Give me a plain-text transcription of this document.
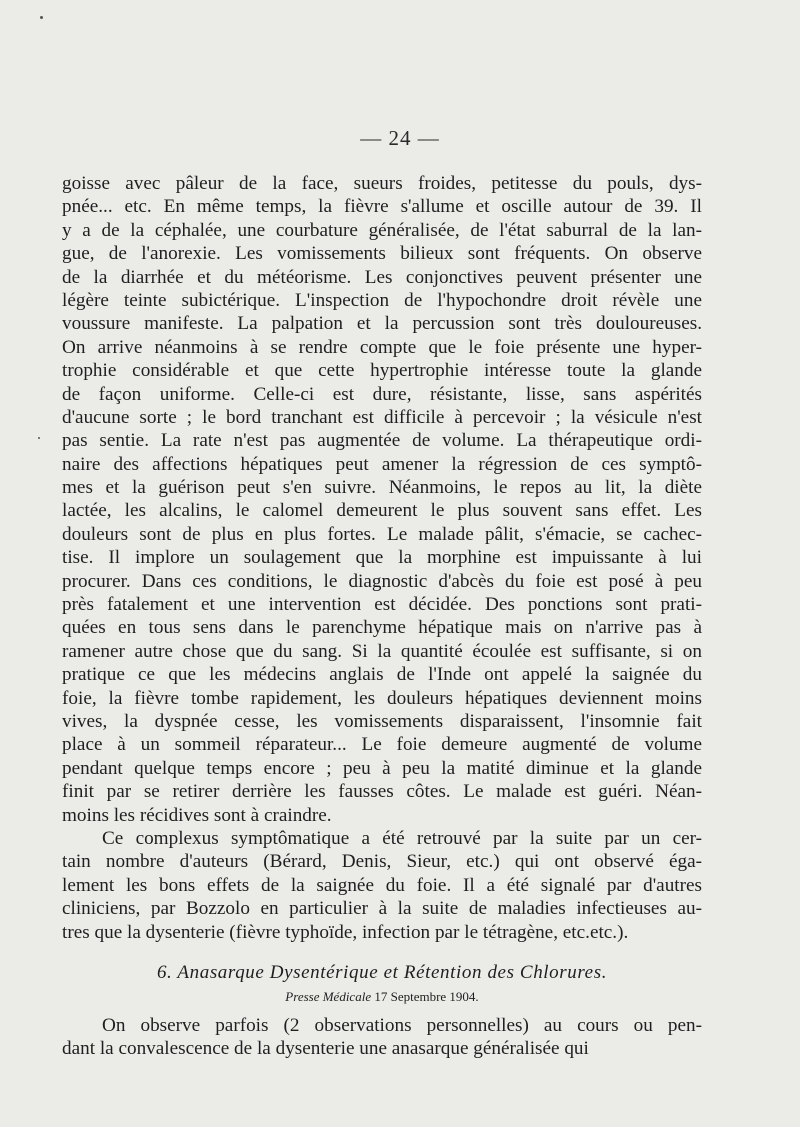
— 24 —
goisse avec pâleur de la face, sueurs froides, petitesse du pouls, dys-
pnée... etc. En même temps, la fièvre s'allume et oscille autour de 39. Il
y a de la céphalée, une courbature généralisée, de l'état saburral de la lan-
gue, de l'anorexie. Les vomissements bilieux sont fréquents. On observe
de la diarrhée et du météorisme. Les conjonctives peuvent présenter une
légère teinte subictérique. L'inspection de l'hypochondre droit révèle une
voussure manifeste. La palpation et la percussion sont très douloureuses.
On arrive néanmoins à se rendre compte que le foie présente une hyper-
trophie considérable et que cette hypertrophie intéresse toute la glande
de façon uniforme. Celle-ci est dure, résistante, lisse, sans aspérités
d'aucune sorte ; le bord tranchant est difficile à percevoir ; la vésicule n'est
pas sentie. La rate n'est pas augmentée de volume. La thérapeutique ordi-
naire des affections hépatiques peut amener la régression de ces symptô-
mes et la guérison peut s'en suivre. Néanmoins, le repos au lit, la diète
lactée, les alcalins, le calomel demeurent le plus souvent sans effet. Les
douleurs sont de plus en plus fortes. Le malade pâlit, s'émacie, se cachec-
tise. Il implore un soulagement que la morphine est impuissante à lui
procurer. Dans ces conditions, le diagnostic d'abcès du foie est posé à peu
près fatalement et une intervention est décidée. Des ponctions sont prati-
quées en tous sens dans le parenchyme hépatique mais on n'arrive pas à
ramener autre chose que du sang. Si la quantité écoulée est suffisante, si on
pratique ce que les médecins anglais de l'Inde ont appelé la saignée du
foie, la fièvre tombe rapidement, les douleurs hépatiques deviennent moins
vives, la dyspnée cesse, les vomissements disparaissent, l'insomnie fait
place à un sommeil réparateur... Le foie demeure augmenté de volume
pendant quelque temps encore ; peu à peu la matité diminue et la glande
finit par se retirer derrière les fausses côtes. Le malade est guéri. Néan-
moins les récidives sont à craindre.
Ce complexus symptômatique a été retrouvé par la suite par un cer-
tain nombre d'auteurs (Bérard, Denis, Sieur, etc.) qui ont observé éga-
lement les bons effets de la saignée du foie. Il a été signalé par d'autres
cliniciens, par Bozzolo en particulier à la suite de maladies infectieuses au-
tres que la dysenterie (fièvre typhoïde, infection par le tétragène, etc.etc.).
6. Anasarque Dysentérique et Rétention des Chlorures.
Presse Médicale 17 Septembre 1904.
On observe parfois (2 observations personnelles) au cours ou pen-
dant la convalescence de la dysenterie une anasarque généralisée qui
